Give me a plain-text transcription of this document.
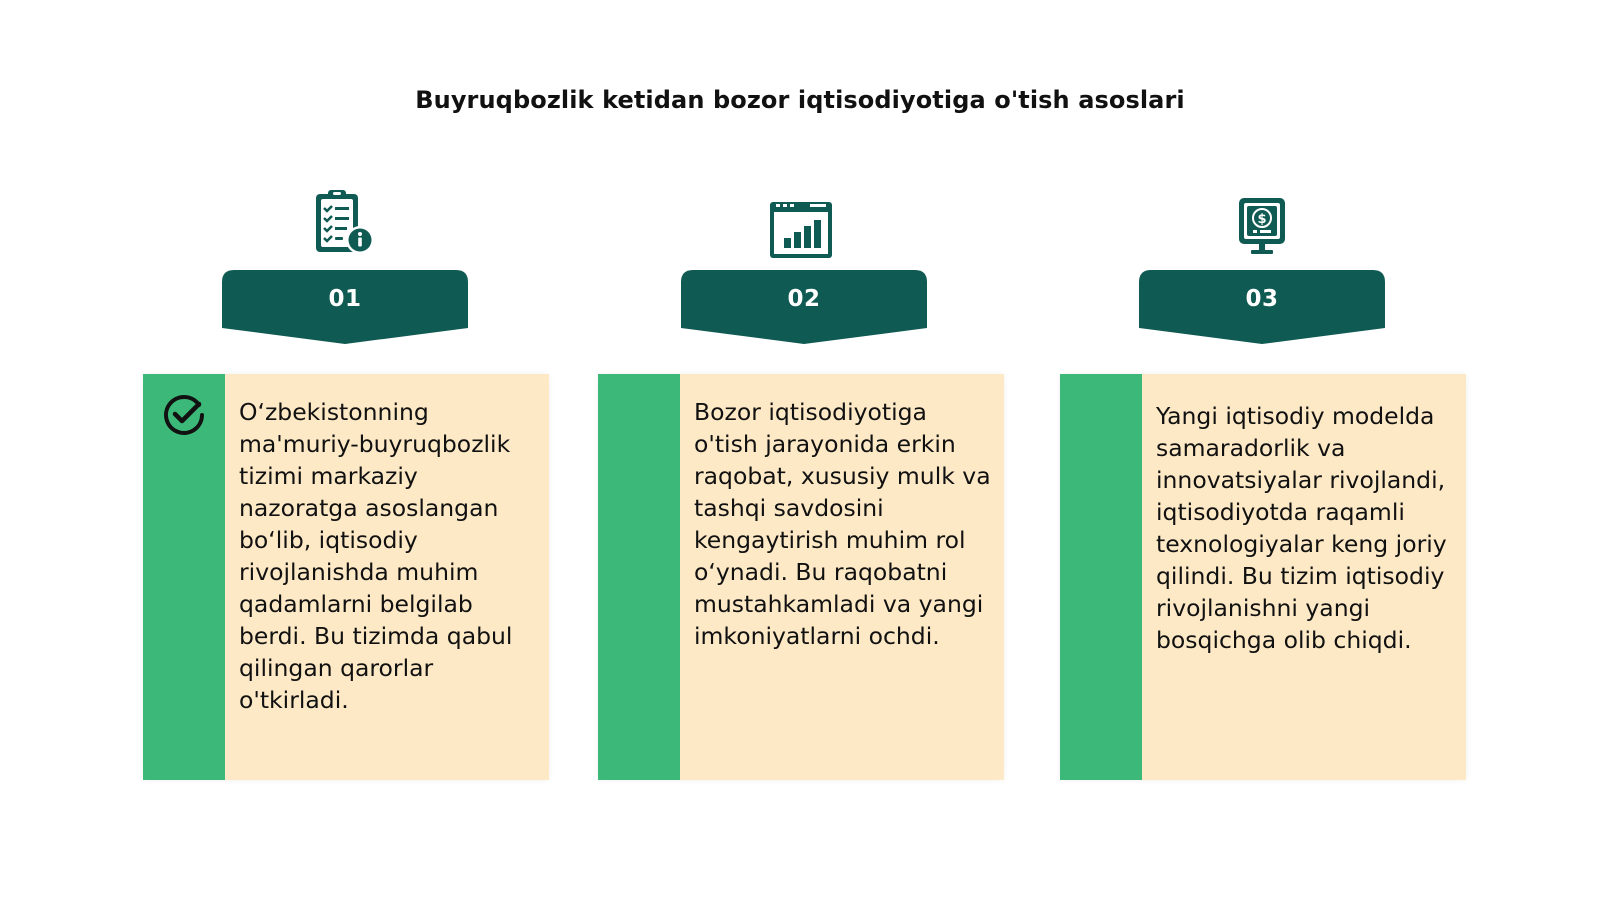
Buyruqbozlik ketidan bozor iqtisodiyotiga o'tish asoslari
01

O‘zbekistonning ma'muriy-buyruqbozlik tizimi markaziy nazoratga asoslangan bo‘lib, iqtisodiy rivojlanishda muhim qadamlarni belgilab berdi. Bu tizimda qabul qilingan qarorlar o'tkirladi.

02

Bozor iqtisodiyotiga o'tish jarayonida erkin raqobat, xususiy mulk va tashqi savdosini kengaytirish muhim rol o‘ynadi. Bu raqobatni mustahkamladi va yangi imkoniyatlarni ochdi.

$
03

Yangi iqtisodiy modelda samaradorlik va innovatsiyalar rivojlandi, iqtisodiyotda raqamli texnologiyalar keng joriy qilindi. Bu tizim iqtisodiy rivojlanishni yangi bosqichga olib chiqdi.
